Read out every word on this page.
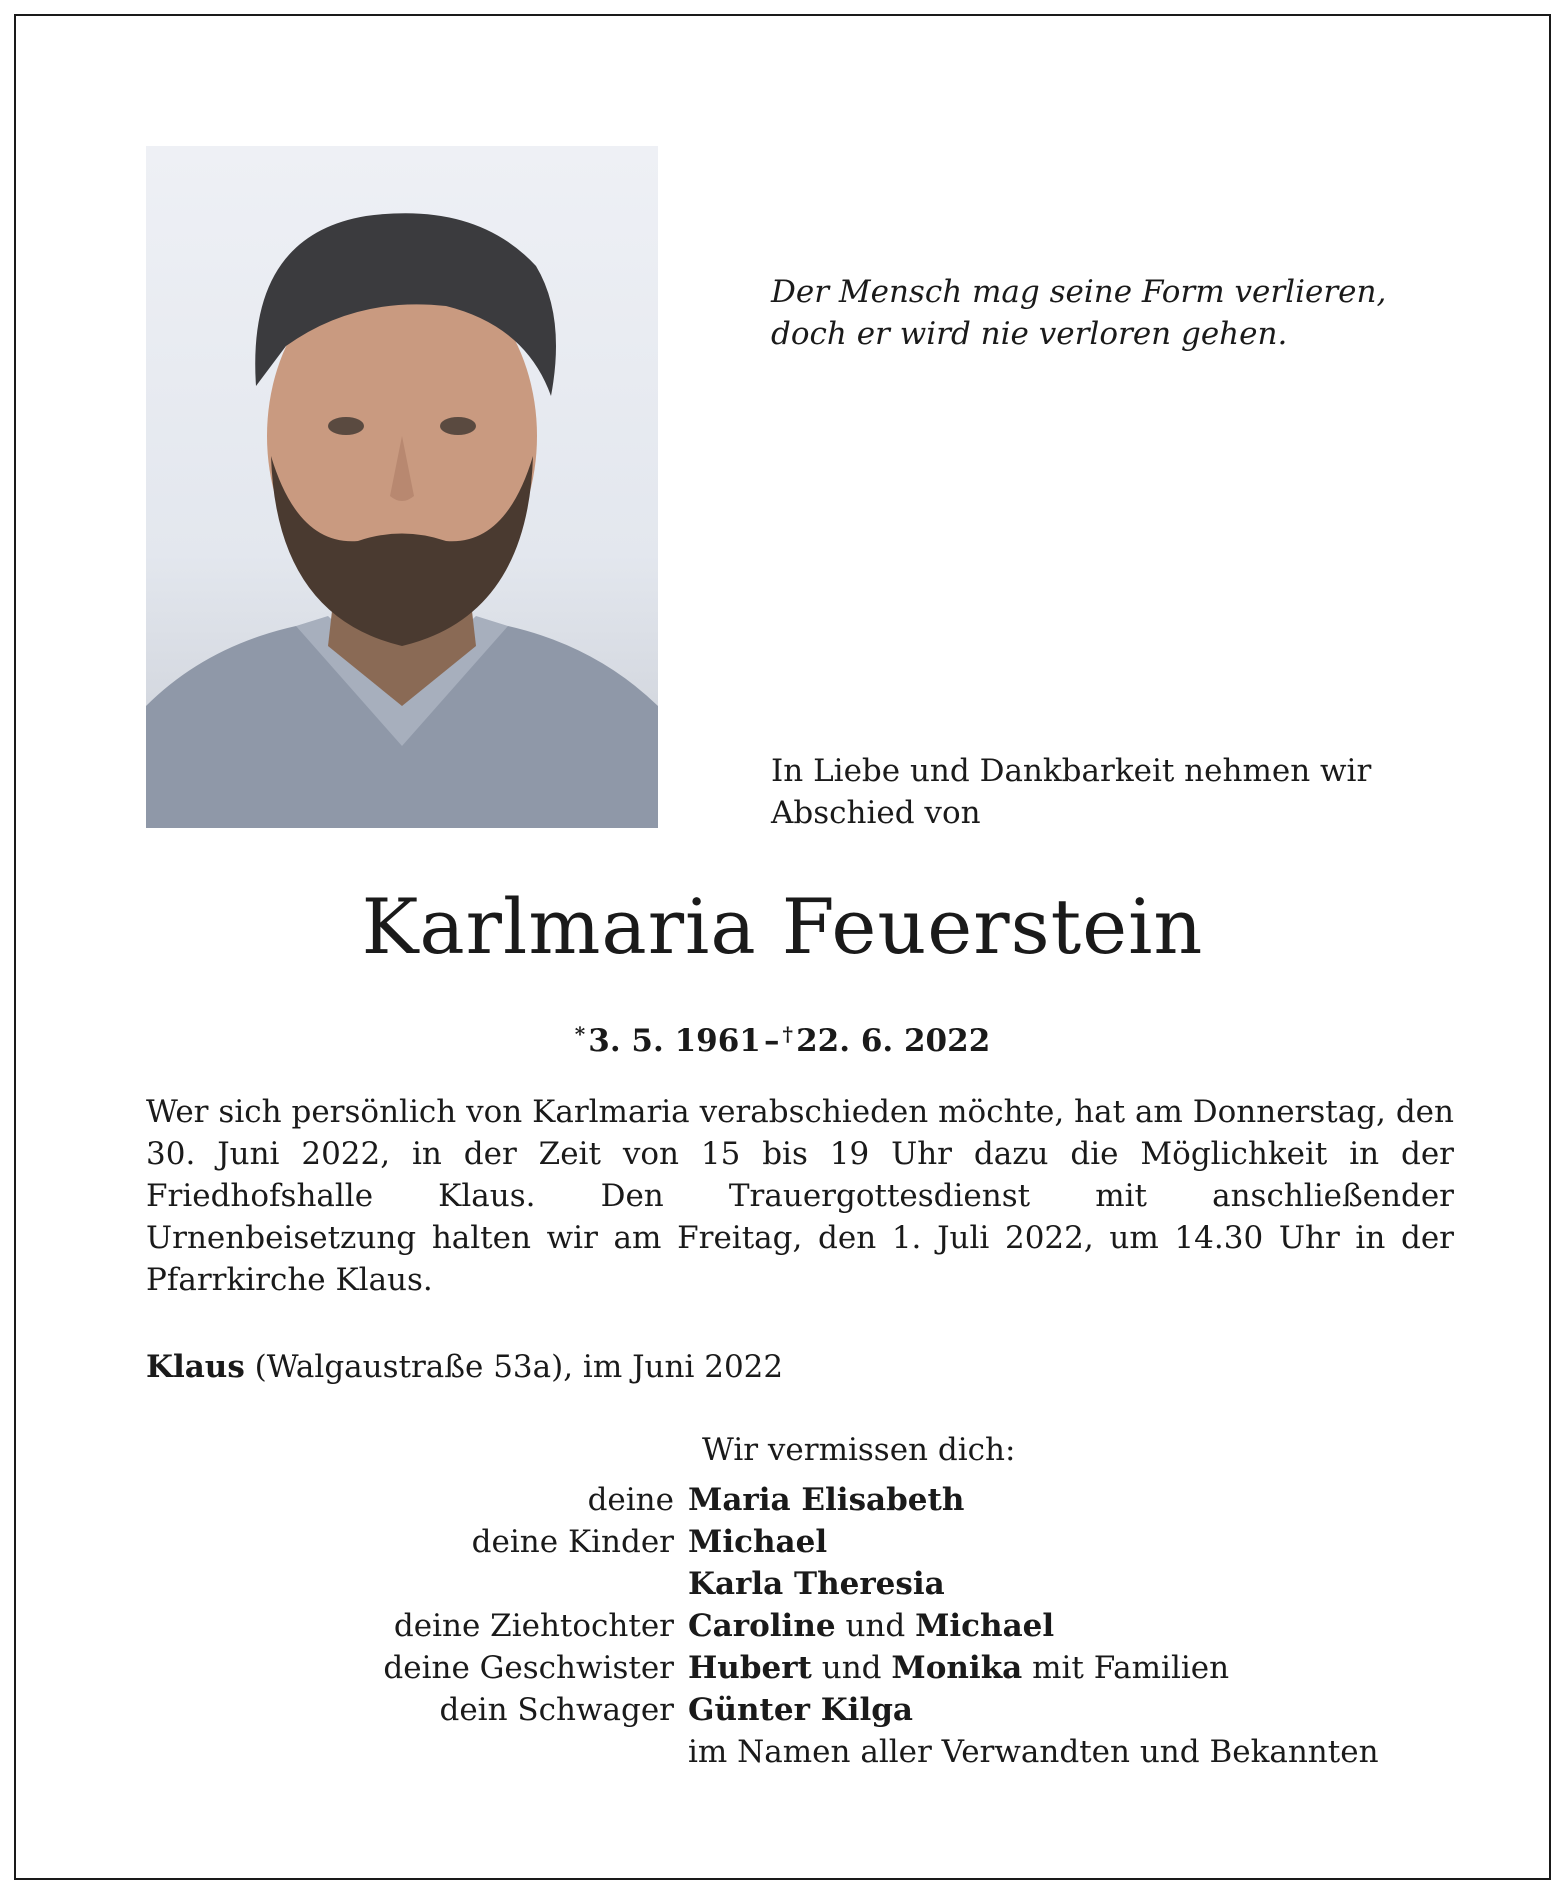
Der Mensch mag seine Form verlieren,
doch er wird nie verloren gehen.
In Liebe und Dankbarkeit nehmen wir Abschied von
Karlmaria Feuerstein
* 3. 5. 1961 –  † 22. 6. 2022

Wer sich persönlich von Karlmaria verabschieden möchte, hat am Donnerstag, den 30. Juni 2022, in der Zeit von 15 bis 19 Uhr dazu die Möglichkeit in der Friedhofshalle Klaus. Den Trauergottesdienst mit anschließender Urnenbeisetzung halten wir am Freitag, den 1. Juli 2022, um 14.30 Uhr in der Pfarrkirche Klaus.

Klaus (Walgaustraße 53a), im Juni 2022
Wir vermissen dich:
deine Maria Elisabeth
deine Kinder Michael
Karla Theresia
deine Ziehtochter Caroline und Michael
deine Geschwister Hubert und Monika mit Familien
dein Schwager Günter Kilga
im Namen aller Verwandten und Bekannten
